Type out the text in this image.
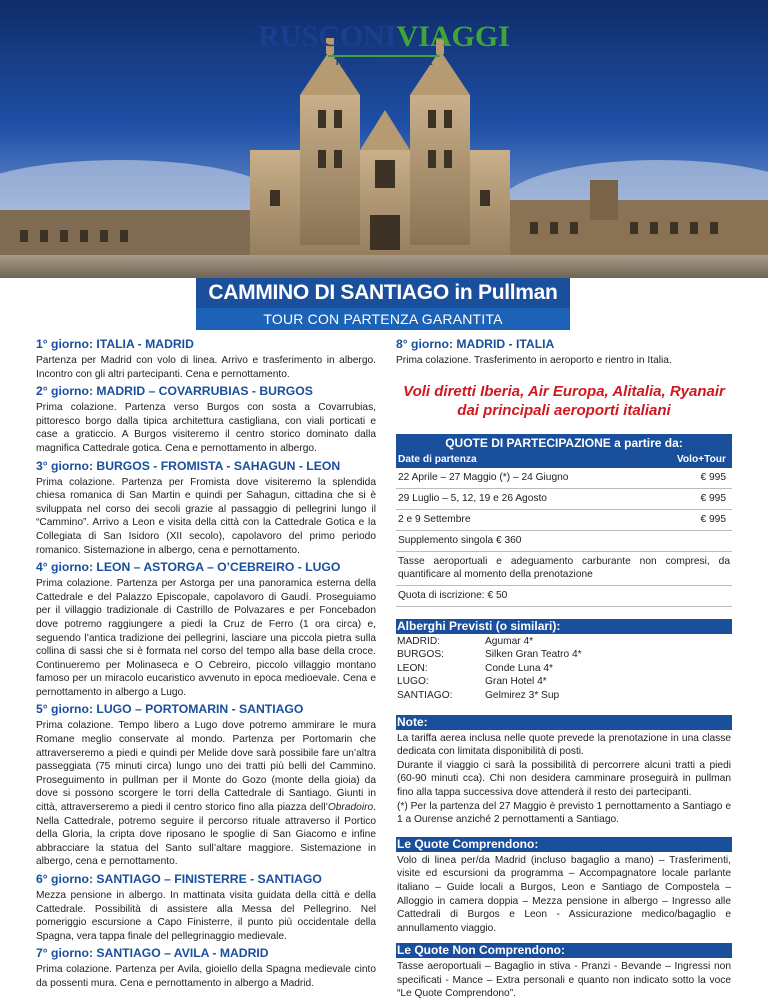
RUSCONIVIAGGI
TOUR OPERATOR
CAMMINO DI SANTIAGO in Pullman
TOUR CON PARTENZA GARANTITA
1° giorno: ITALIA - MADRID

Partenza per Madrid con volo di linea. Arrivo e trasferimento in albergo. Incontro con gli altri partecipanti. Cena e pernottamento.

2° giorno: MADRID – COVARRUBIAS - BURGOS

Prima colazione. Partenza verso Burgos con sosta a Covarrubias, pittoresco borgo dalla tipica architettura castigliana, con viali porticati e case a graticcio. A Burgos visiteremo il centro storico dominato dalla magnifica Cattedrale gotica. Cena e pernottamento in albergo.

3° giorno: BURGOS - FROMISTA - SAHAGUN - LEON

Prima colazione. Partenza per Fromista dove visiteremo la splendida chiesa romanica di San Martin e quindi per Sahagun, cittadina che si è sviluppata nel corso dei secoli grazie al passaggio di pellegrini lungo il “Cammino”. Arrivo a Leon e visita della città con la Cattedrale Gotica e la Collegiata di San Isidoro (XII secolo), capolavoro del primo periodo romanico. Sistemazione in albergo, cena e pernottamento.

4° giorno: LEON – ASTORGA – O’CEBREIRO - LUGO

Prima colazione. Partenza per Astorga per una panoramica esterna della Cattedrale e del Palazzo Episcopale, capolavoro di Gaudí. Proseguiamo per il villaggio tradizionale di Castrillo de Polvazares e per Foncebadon dove potremo raggiungere a piedi la Cruz de Ferro (1 ora circa) e, seguendo l’antica tradizione dei pellegrini, lasciare una piccola pietra sulla collina di sassi che si è formata nel corso del tempo alla base della croce. Continueremo per Molinaseca e O Cebreiro, piccolo villaggio montano famoso per un miracolo eucaristico avvenuto in epoca medioevale. Cena e pernottamento in albergo a Lugo.

5° giorno: LUGO – PORTOMARIN - SANTIAGO

Prima colazione. Tempo libero a Lugo dove potremo ammirare le mura Romane meglio conservate al mondo. Partenza per Portomarin che attraverseremo a piedi e quindi per Melide dove sarà possibile fare un’altra passeggiata (75 minuti circa) lungo uno dei tratti più belli del Cammino. Proseguimento in pullman per il Monte do Gozo (monte della gioia) da dove si possono scorgere le torri della Cattedrale di Santiago. Giunti in città, attraverseremo a piedi il centro storico fino alla piazza dell’Obradoiro. Nella Cattedrale, potremo seguire il percorso rituale attraverso il Portico della Gloria, la cripta dove riposano le spoglie di San Giacomo e infine abbracciare la statua del Santo sull’altare maggiore. Sistemazione in albergo, cena e pernottamento.

6° giorno: SANTIAGO – FINISTERRE - SANTIAGO

Mezza pensione in albergo. In mattinata visita guidata della città e della Cattedrale. Possibilità di assistere alla Messa del Pellegrino. Nel pomeriggio escursione a Capo Finisterre, il punto più occidentale della Spagna, vera tappa finale del pellegrinaggio medievale.

7° giorno: SANTIAGO – AVILA - MADRID

Prima colazione. Partenza per Avila, gioiello della Spagna medievale cinto da possenti mura. Cena e pernottamento in albergo a Madrid.

8° giorno: MADRID - ITALIA

Prima colazione. Trasferimento in aeroporto e rientro in Italia.

Voli diretti Iberia, Air Europa, Alitalia, Ryanair
dai principali aeroporti italiani
QUOTE DI PARTECIPAZIONE a partire da:
Date di partenza	Volo+Tour
22 Aprile – 27 Maggio (*) – 24 Giugno	€ 995
29 Luglio – 5, 12, 19 e 26 Agosto	€ 995
2 e 9 Settembre	€ 995
Supplemento singola € 360
Tasse aeroportuali e adeguamento carburante non compresi, da quantificare al momento della prenotazione
Quota di iscrizione: € 50
Alberghi Previsti (o similari):
MADRID:	Agumar 4*
BURGOS:	Silken Gran Teatro 4*
LEON:	Conde Luna 4*
LUGO:	Gran Hotel 4*
SANTIAGO:	Gelmirez 3* Sup
Note:
La tariffa aerea inclusa nelle quote prevede la prenotazione in una classe dedicata con limitata disponibilità di posti.
Durante il viaggio ci sarà la possibilità di percorrere alcuni tratti a piedi (60-90 minuti cca). Chi non desidera camminare proseguirà in pullman fino alla tappa successiva dove attenderà il resto dei partecipanti.
(*) Per la partenza del 27 Maggio è previsto 1 pernottamento a Santiago e 1 a Ourense anziché 2 pernottamenti a Santiago.
Le Quote Comprendono:
Volo di linea per/da Madrid (incluso bagaglio a mano) – Trasferimenti, visite ed escursioni da programma – Accompagnatore locale parlante italiano – Guide locali a Burgos, Leon e Santiago de Compostela – Alloggio in camera doppia – Mezza pensione in albergo – Ingresso alle Cattedrali di Burgos e Leon - Assicurazione medico/bagaglio e annullamento viaggio.
Le Quote Non Comprendono:
Tasse aeroportuali – Bagaglio in stiva - Pranzi - Bevande – Ingressi non specificati - Mance – Extra personali e quanto non indicato sotto la voce “Le Quote Comprendono”.
